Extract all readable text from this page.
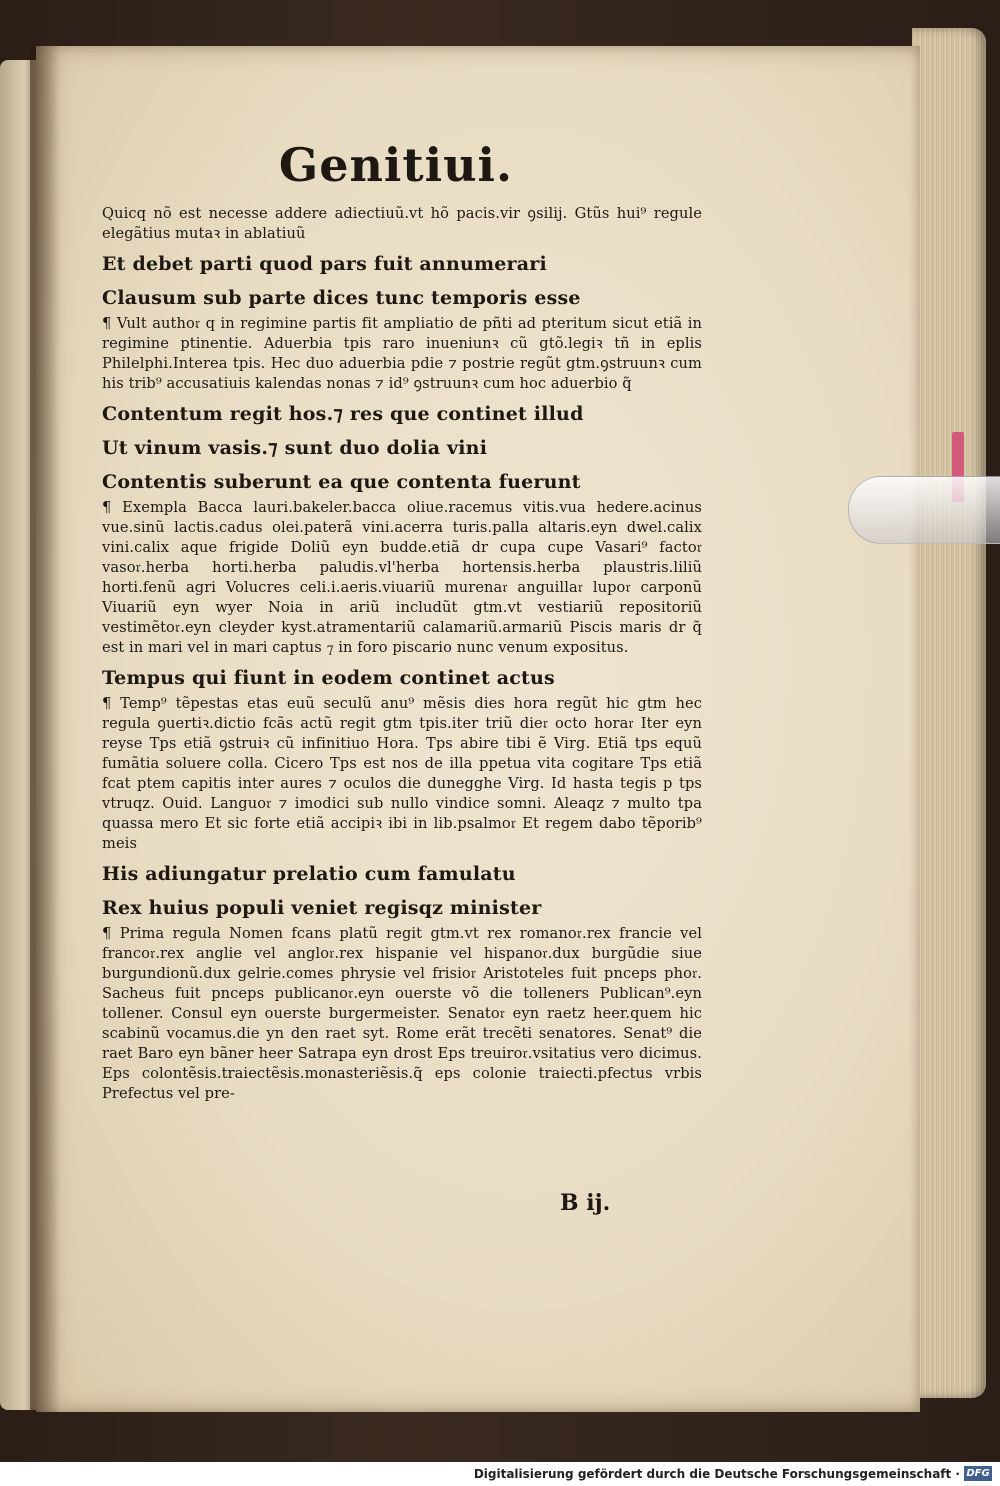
Genitiui.
Quicq nõ est necesse addere adiectiuũ.vt hõ pacis.vir ꝯsilij. Gtũs hui⁹ regule elegãtius mutaꝛ in ablatiuũ
Et debet parti quod pars fuit annumerari
Clausum sub parte dices tunc temporis esse
¶ Vult autho𝔯 q in regimine partis fit ampliatio de pñti ad pteritum sicut etiã in regimine ptinentie. Aduerbia tpis raro inueniunꝛ cũ gtõ.legiꝛ tñ in eplis Philelphi.Interea tpis. Hec duo aduerbia pdie ⁊ postrie regũt gtm.ꝯstruunꝛ cum his trib⁹ accusatiuis kalendas nonas ⁊ id⁹ ꝯstruunꝛ cum hoc aduerbio q̃
Contentum regit hos.⁊ res que continet illud
Ut vinum vasis.⁊ sunt duo dolia vini
Contentis suberunt ea que contenta fuerunt
¶ Exempla Bacca lauri.bakeler.bacca oliue.racemus vitis.vua hedere.acinus vue.sinũ lactis.cadus olei.paterã vini.acerra turis.palla altaris.eyn dwel.calix vini.calix aque frigide Doliũ eyn budde.etiã dr cupa cupe Vasari⁹ facto𝔯 vaso𝔯.herba horti.herba paludis.vl'herba hortensis.herba plaustris.liliũ horti.fenũ agri Volucres celi.i.aeris.viuariũ murena𝔯 anguilla𝔯 lupo𝔯 carponũ Viuariũ eyn wyer Noia in ariũ includũt gtm.vt vestiariũ repositoriũ vestimẽto𝔯.eyn cleyder kyst.atramentariũ calamariũ.armariũ Piscis maris dr q̃ est in mari vel in mari captus ⁊ in foro piscario nunc venum expositus.
Tempus qui fiunt in eodem continet actus
¶ Temp⁹ tẽpestas etas euũ seculũ anu⁹ mẽsis dies hora regũt hic gtm hec regula ꝯuertiꝛ.dictio fcãs actũ regit gtm tpis.iter triũ die𝔯 octo hora𝔯 Iter eyn reyse Tps etiã ꝯstruiꝛ cũ infinitiuo Hora. Tps abire tibi ẽ Virg. Etiã tps equũ fumãtia soluere colla. Cicero Tps est nos de illa ppetua vita cogitare Tps etiã fcat ptem capitis inter aures ⁊ oculos die dunegghe Virg. Id hasta tegis p tps vtruqz. Ouid. Languo𝔯 ⁊ imodici sub nullo vindice somni. Aleaqz ⁊ multo tpa quassa mero Et sic forte etiã accipiꝛ ibi in lib.psalmo𝔯 Et regem dabo tẽporib⁹ meis
His adiungatur prelatio cum famulatu
Rex huius populi veniet regisqz minister
¶ Prima regula Nomen fcans platũ regit gtm.vt rex romano𝔯.rex francie vel franco𝔯.rex anglie vel anglo𝔯.rex hispanie vel hispano𝔯.dux burgũdie siue burgundionũ.dux gelrie.comes phrysie vel frisio𝔯 Aristoteles fuit pnceps pho𝔯. Sacheus fuit pnceps publicano𝔯.eyn ouerste võ die tolleners Publican⁹.eyn tollener. Consul eyn ouerste burgermeister. Senato𝔯 eyn raetz heer.quem hic scabinũ vocamus.die yn den raet syt. Rome erãt trecẽti senatores. Senat⁹ die raet Baro eyn bãner heer Satrapa eyn drost Eps treuiro𝔯.vsitatius vero dicimus. Eps colontẽsis.traiectẽsis.monasteriẽsis.q̃ eps colonie traiecti.pfectus vrbis Prefectus vel pre-
B ij.
Digitalisierung gefördert durch die Deutsche Forschungsgemeinschaft · DFG
